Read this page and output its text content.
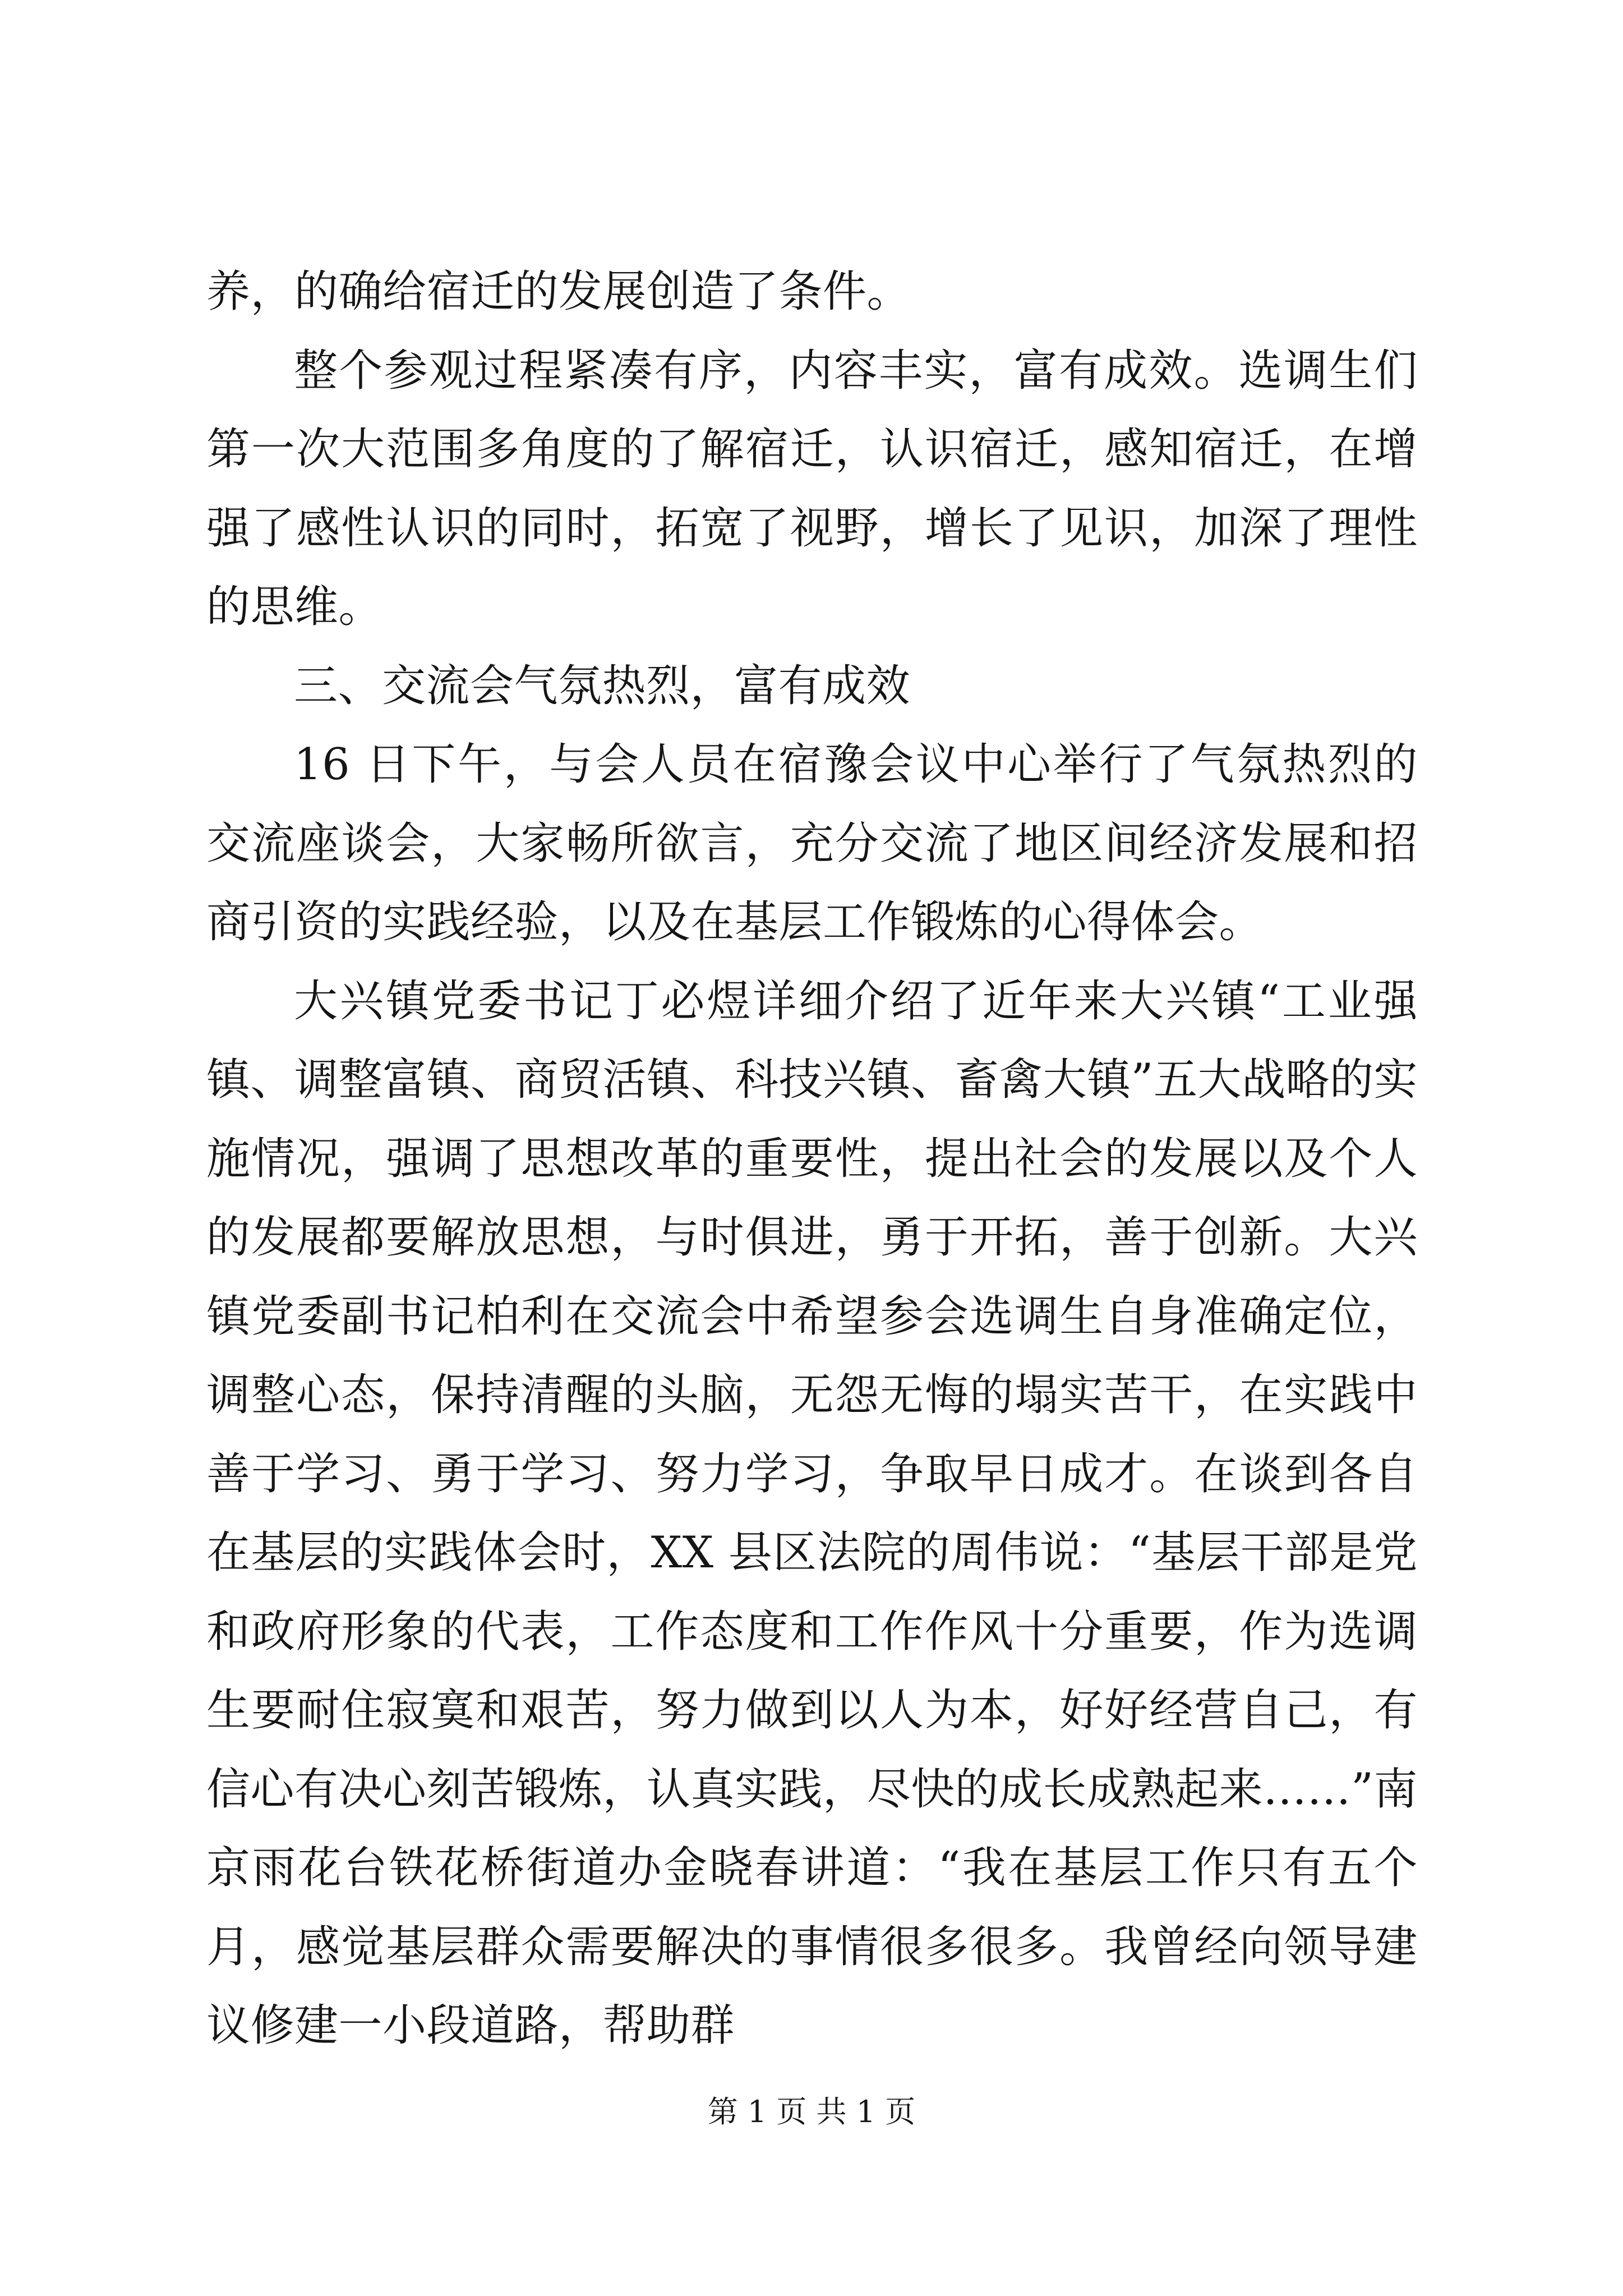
养，的确给宿迁的发展创造了条件。

整个参观过程紧凑有序，内容丰实，富有成效。选调生们第一次大范围多角度的了解宿迁，认识宿迁，感知宿迁，在增强了感性认识的同时，拓宽了视野，增长了见识，加深了理性的思维。

三、交流会气氛热烈，富有成效

16 日下午，与会人员在宿豫会议中心举行了气氛热烈的交流座谈会，大家畅所欲言，充分交流了地区间经济发展和招商引资的实践经验，以及在基层工作锻炼的心得体会。

大兴镇党委书记丁必煜详细介绍了近年来大兴镇“工业强镇、调整富镇、商贸活镇、科技兴镇、畜禽大镇”五大战略的实施情况，强调了思想改革的重要性，提出社会的发展以及个人的发展都要解放思想，与时俱进，勇于开拓，善于创新。大兴镇党委副书记柏利在交流会中希望参会选调生自身准确定位，调整心态，保持清醒的头脑，无怨无悔的塌实苦干，在实践中善于学习、勇于学习、努力学习，争取早日成才。在谈到各自在基层的实践体会时，XX 县区法院的周伟说：“基层干部是党和政府形象的代表，工作态度和工作作风十分重要，作为选调生要耐住寂寞和艰苦，努力做到以人为本，好好经营自己，有信心有决心刻苦锻炼，认真实践，尽快的成长成熟起来……”南京雨花台铁花桥街道办金晓春讲道：“我在基层工作只有五个月，感觉基层群众需要解决的事情很多很多。我曾经向领导建议修建一小段道路，帮助群

第 1 页 共 1 页
